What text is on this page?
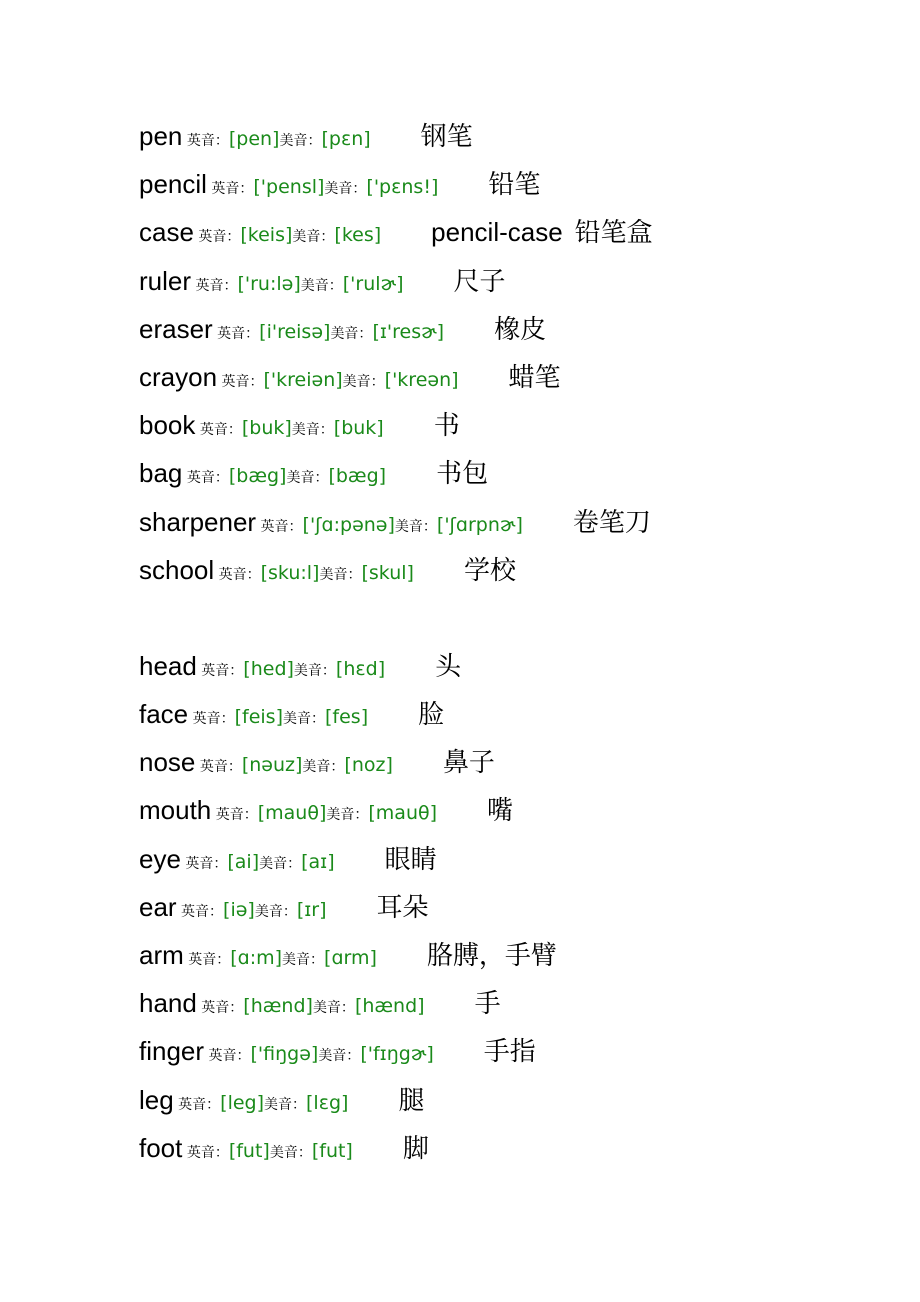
pen 英音：[pen]美音：[pɛn] 钢笔
pencil 英音：['pensl]美音：['pɛns!] 铅笔
case 英音：[keis]美音：[kes] pencil-case 铅笔盒
ruler 英音：['ru:lə]美音：['rulɚ] 尺子
eraser 英音：[i'reisə]美音：[ɪ'resɚ] 橡皮
crayon 英音：['kreiən]美音：['kreən] 蜡笔
book 英音：[buk]美音：[buk] 书
bag 英音：[bæg]美音：[bæg] 书包
sharpener 英音：['ʃɑ:pənə]美音：['ʃɑrpnɚ] 卷笔刀
school 英音：[sku:l]美音：[skul] 学校
head 英音：[hed]美音：[hɛd] 头
face 英音：[feis]美音：[fes] 脸
nose 英音：[nəuz]美音：[noz] 鼻子
mouth 英音：[mauθ]美音：[mauθ] 嘴
eye 英音：[ai]美音：[aɪ] 眼睛
ear 英音：[iə]美音：[ɪr] 耳朵
arm 英音：[ɑ:m]美音：[ɑrm] 胳膊，手臂
hand 英音：[hænd]美音：[hænd] 手
finger 英音：['fiŋgə]美音：['fɪŋgɚ] 手指
leg 英音：[leg]美音：[lɛg] 腿
foot 英音：[fut]美音：[fut] 脚
